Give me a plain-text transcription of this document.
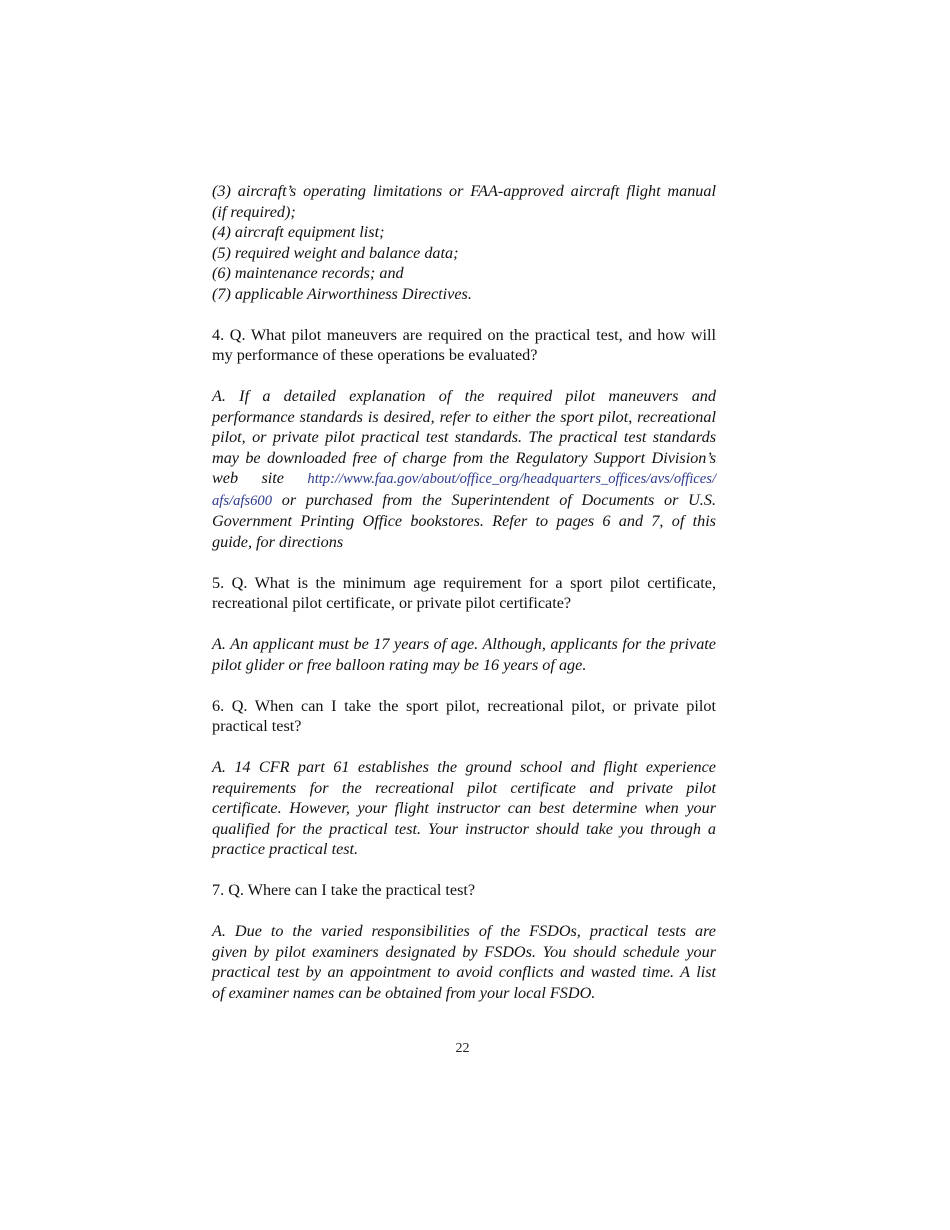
(3) aircraft’s operating limitations or FAA-approved aircraft flight manual
(if required);
(4) aircraft equipment list;
(5) required weight and balance data;
(6) maintenance records; and
(7) applicable Airworthiness Directives.
4. Q. What pilot maneuvers are required on the practical test, and how will
my performance of these operations be evaluated?
A. If a detailed explanation of the required pilot maneuvers and
performance standards is desired, refer to either the sport pilot, recreational
pilot, or private pilot practical test standards. The practical test standards
may be downloaded free of charge from the Regulatory Support Division’s
web site http://www.faa.gov/about/office_org/headquarters_offices/avs/offices/
afs/afs600 or purchased from the Superintendent of Documents or U.S.
Government Printing Office bookstores. Refer to pages 6 and 7, of this
guide, for directions
5. Q. What is the minimum age requirement for a sport pilot certificate,
recreational pilot certificate, or private pilot certificate?
A. An applicant must be 17 years of age. Although, applicants for the private
pilot glider or free balloon rating may be 16 years of age.
6. Q. When can I take the sport pilot, recreational pilot, or private pilot
practical test?
A. 14 CFR part 61 establishes the ground school and flight experience
requirements for the recreational pilot certificate and private pilot
certificate. However, your flight instructor can best determine when your
qualified for the practical test. Your instructor should take you through a
practice practical test.
7. Q. Where can I take the practical test?
A. Due to the varied responsibilities of the FSDOs, practical tests are
given by pilot examiners designated by FSDOs. You should schedule your
practical test by an appointment to avoid conflicts and wasted time. A list
of examiner names can be obtained from your local FSDO.
22
